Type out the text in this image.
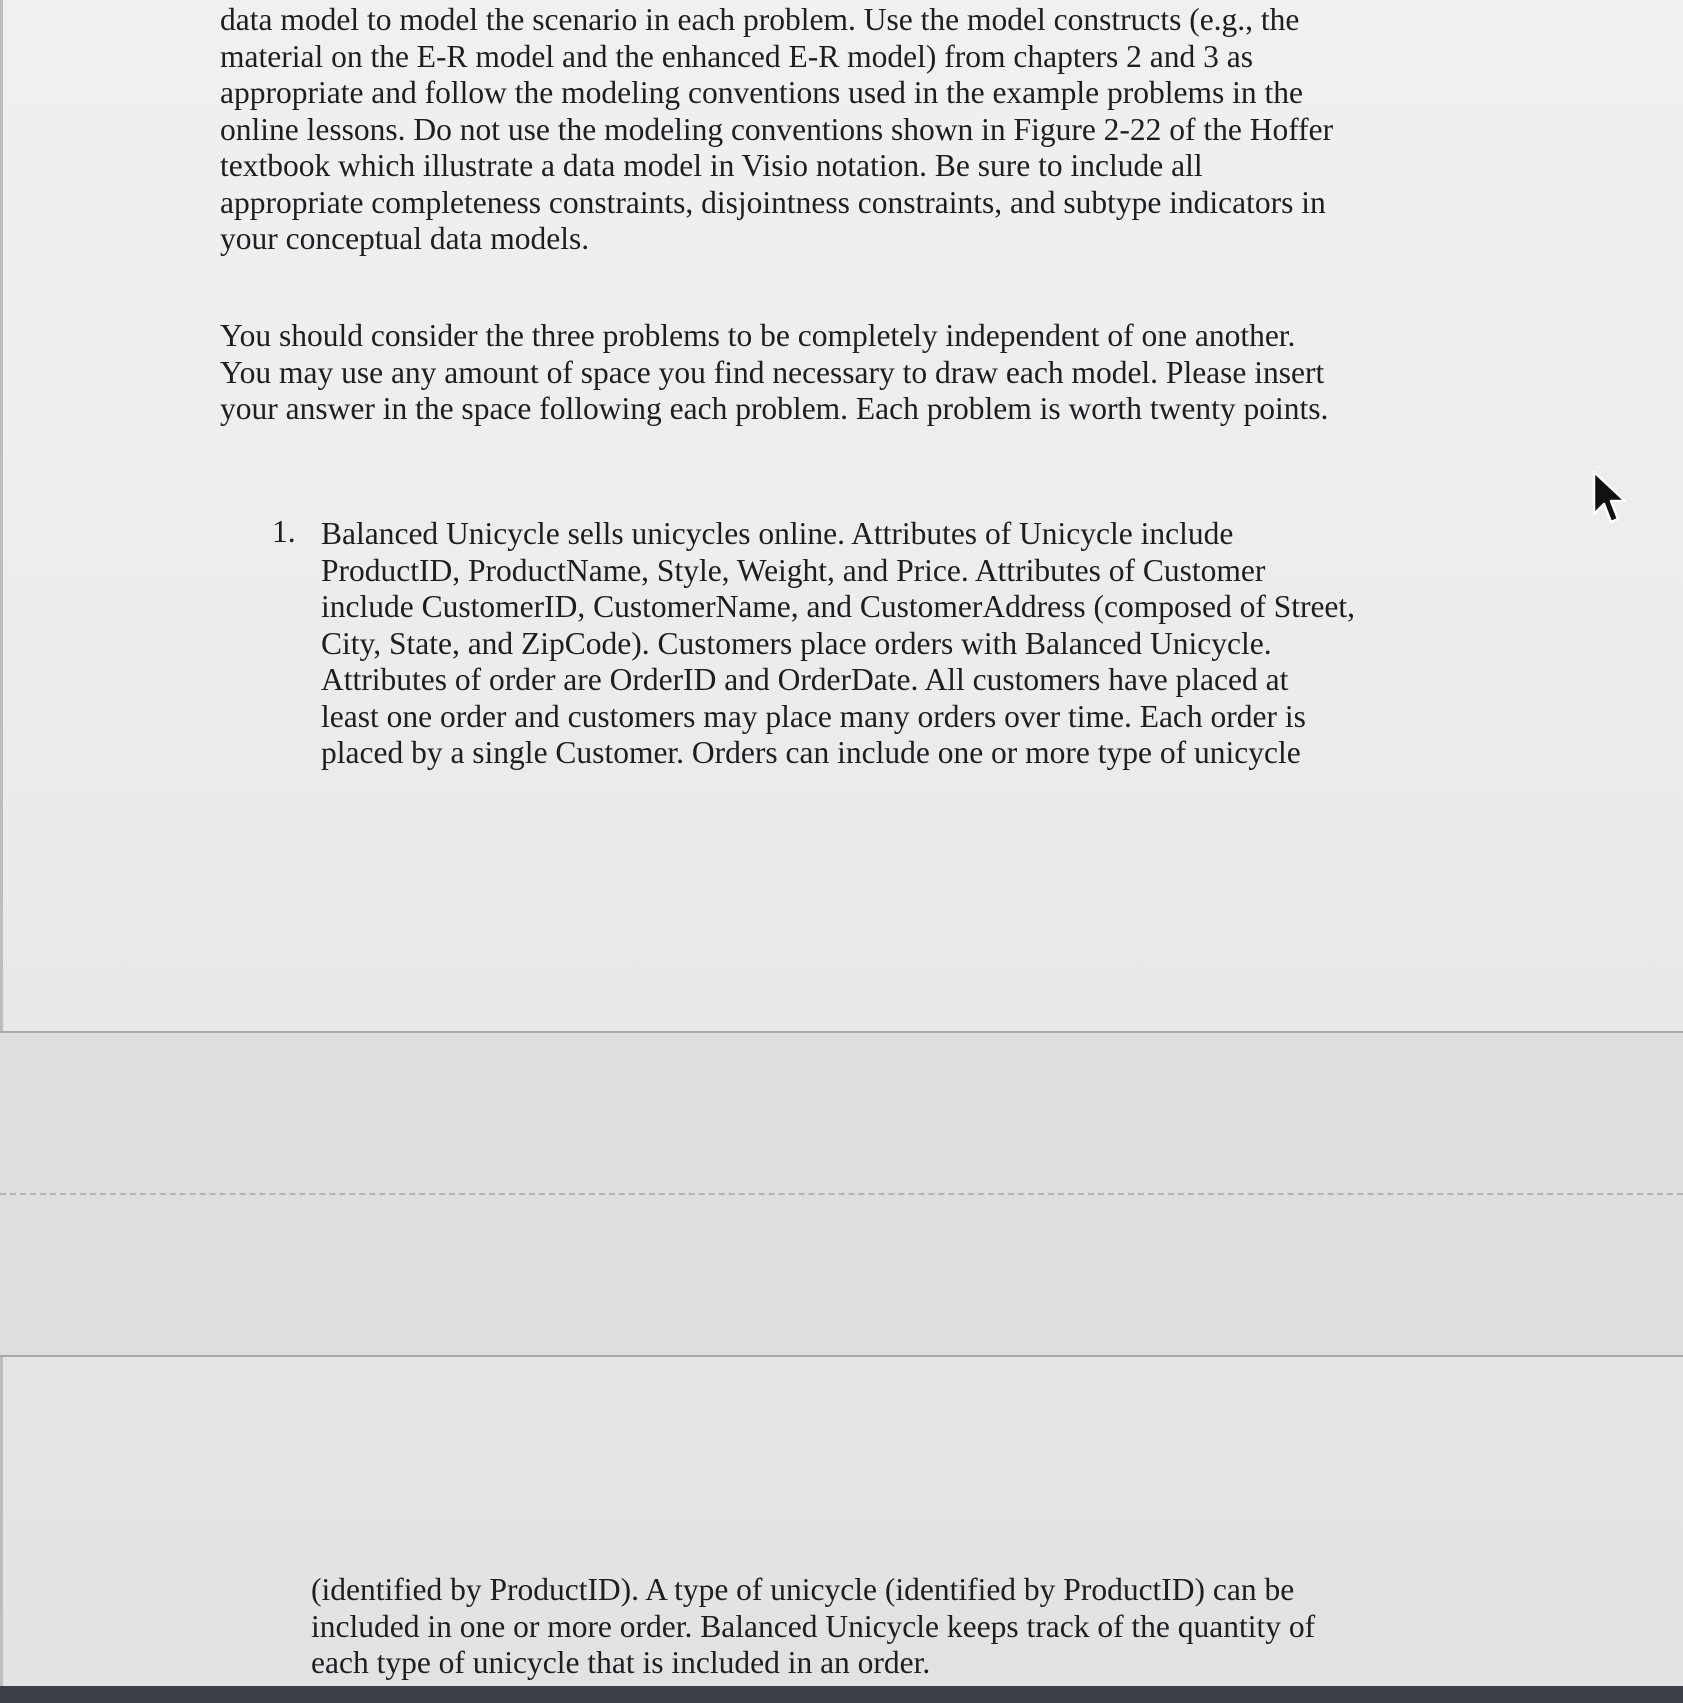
data model to model the scenario in each problem. Use the model constructs (e.g., the
material on the E-R model and the enhanced E-R model) from chapters 2 and 3 as
appropriate and follow the modeling conventions used in the example problems in the
online lessons. Do not use the modeling conventions shown in Figure 2-22 of the Hoffer
textbook which illustrate a data model in Visio notation. Be sure to include all
appropriate completeness constraints, disjointness constraints, and subtype indicators in
your conceptual data models.

You should consider the three problems to be completely independent of one another.
You may use any amount of space you find necessary to draw each model. Please insert
your answer in the space following each problem. Each problem is worth twenty points.

1. Balanced Unicycle sells unicycles online. Attributes of Unicycle include
ProductID, ProductName, Style, Weight, and Price. Attributes of Customer
include CustomerID, CustomerName, and CustomerAddress (composed of Street,
City, State, and ZipCode). Customers place orders with Balanced Unicycle.
Attributes of order are OrderID and OrderDate. All customers have placed at
least one order and customers may place many orders over time. Each order is
placed by a single Customer. Orders can include one or more type of unicycle

(identified by ProductID). A type of unicycle (identified by ProductID) can be
included in one or more order. Balanced Unicycle keeps track of the quantity of
each type of unicycle that is included in an order.
